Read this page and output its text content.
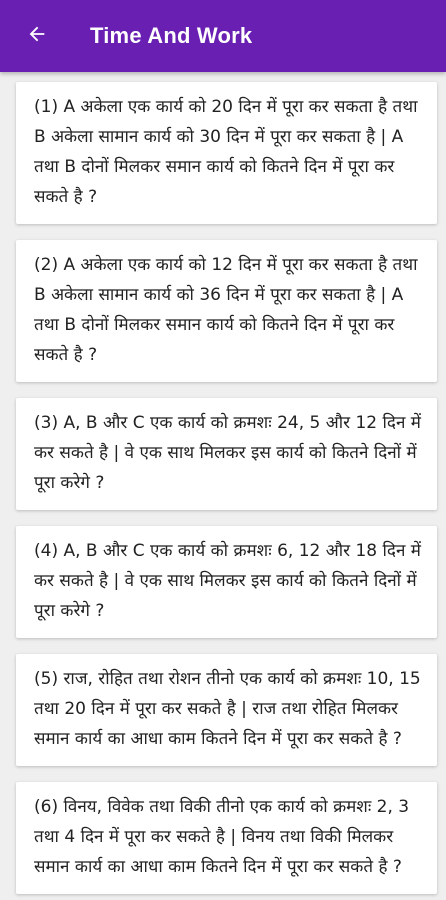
Time And Work

(1) A अकेला एक कार्य को 20 दिन में पूरा कर सकता है तथा B अकेला सामान कार्य को 30 दिन में पूरा कर सकता है | A तथा B दोनों मिलकर समान कार्य को कितने दिन में पूरा कर सकते है ?

(2) A अकेला एक कार्य को 12 दिन में पूरा कर सकता है तथा B अकेला सामान कार्य को 36 दिन में पूरा कर सकता है | A तथा B दोनों मिलकर समान कार्य को कितने दिन में पूरा कर सकते है ?

(3) A, B और C एक कार्य को क्रमशः 24, 5 और 12 दिन में कर सकते है | वे एक साथ मिलकर इस कार्य को कितने दिनों में पूरा करेगे ?

(4) A, B और C एक कार्य को क्रमशः 6, 12 और 18 दिन में कर सकते है | वे एक साथ मिलकर इस कार्य को कितने दिनों में पूरा करेगे ?

(5) राज, रोहित तथा रोशन तीनो एक कार्य को क्रमशः 10, 15 तथा 20 दिन में पूरा कर सकते है | राज तथा रोहित मिलकर समान कार्य का आधा काम कितने दिन में पूरा कर सकते है ?

(6) विनय, विवेक तथा विकी तीनो एक कार्य को क्रमशः 2, 3 तथा 4 दिन में पूरा कर सकते है | विनय तथा विकी मिलकर समान कार्य का आधा काम कितने दिन में पूरा कर सकते है ?
